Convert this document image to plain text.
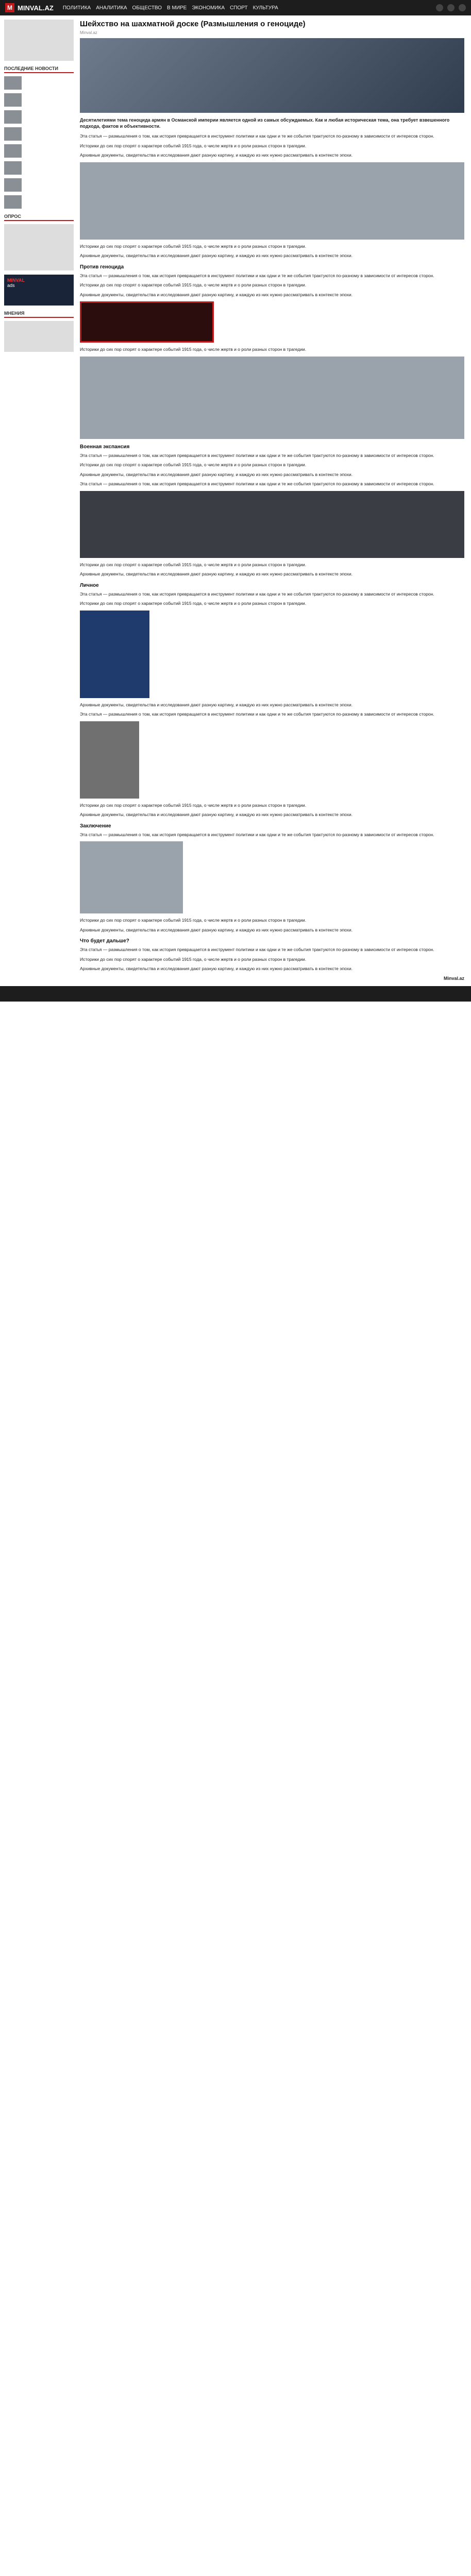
M MINVAL.AZ ПОЛИТИКА АНАЛИТИКА ОБЩЕСТВО В МИРЕ ЭКОНОМИКА СПОРТ КУЛЬТУРА
ПОСЛЕДНИЕ НОВОСТИ
ОПРОС
MINVAL
ads
МНЕНИЯ
Шейхство на шахматной доске (Размышления о геноциде)
Minval.az
Десятилетиями тема геноцида армян в Османской империи является одной из самых обсуждаемых. Как и любая историческая тема, она требует взвешенного подхода, фактов и объективности.

Эта статья — размышления о том, как история превращается в инструмент политики и как одни и те же события трактуются по-разному в зависимости от интересов сторон.

Историки до сих пор спорят о характере событий 1915 года, о числе жертв и о роли разных сторон в трагедии.

Архивные документы, свидетельства и исследования дают разную картину, и каждую из них нужно рассматривать в контексте эпохи.

Историки до сих пор спорят о характере событий 1915 года, о числе жертв и о роли разных сторон в трагедии.

Архивные документы, свидетельства и исследования дают разную картину, и каждую из них нужно рассматривать в контексте эпохи.

Против геноцида

Эта статья — размышления о том, как история превращается в инструмент политики и как одни и те же события трактуются по-разному в зависимости от интересов сторон.

Историки до сих пор спорят о характере событий 1915 года, о числе жертв и о роли разных сторон в трагедии.

Архивные документы, свидетельства и исследования дают разную картину, и каждую из них нужно рассматривать в контексте эпохи.

Историки до сих пор спорят о характере событий 1915 года, о числе жертв и о роли разных сторон в трагедии.

Военная экспансия

Эта статья — размышления о том, как история превращается в инструмент политики и как одни и те же события трактуются по-разному в зависимости от интересов сторон.

Историки до сих пор спорят о характере событий 1915 года, о числе жертв и о роли разных сторон в трагедии.

Архивные документы, свидетельства и исследования дают разную картину, и каждую из них нужно рассматривать в контексте эпохи.

Эта статья — размышления о том, как история превращается в инструмент политики и как одни и те же события трактуются по-разному в зависимости от интересов сторон.

Историки до сих пор спорят о характере событий 1915 года, о числе жертв и о роли разных сторон в трагедии.

Архивные документы, свидетельства и исследования дают разную картину, и каждую из них нужно рассматривать в контексте эпохи.

Личное

Эта статья — размышления о том, как история превращается в инструмент политики и как одни и те же события трактуются по-разному в зависимости от интересов сторон.

Историки до сих пор спорят о характере событий 1915 года, о числе жертв и о роли разных сторон в трагедии.

Архивные документы, свидетельства и исследования дают разную картину, и каждую из них нужно рассматривать в контексте эпохи.

Эта статья — размышления о том, как история превращается в инструмент политики и как одни и те же события трактуются по-разному в зависимости от интересов сторон.

Историки до сих пор спорят о характере событий 1915 года, о числе жертв и о роли разных сторон в трагедии.

Архивные документы, свидетельства и исследования дают разную картину, и каждую из них нужно рассматривать в контексте эпохи.

Заключение

Эта статья — размышления о том, как история превращается в инструмент политики и как одни и те же события трактуются по-разному в зависимости от интересов сторон.

Историки до сих пор спорят о характере событий 1915 года, о числе жертв и о роли разных сторон в трагедии.

Архивные документы, свидетельства и исследования дают разную картину, и каждую из них нужно рассматривать в контексте эпохи.

Что будет дальше?

Эта статья — размышления о том, как история превращается в инструмент политики и как одни и те же события трактуются по-разному в зависимости от интересов сторон.

Историки до сих пор спорят о характере событий 1915 года, о числе жертв и о роли разных сторон в трагедии.

Архивные документы, свидетельства и исследования дают разную картину, и каждую из них нужно рассматривать в контексте эпохи.

Minval.az
